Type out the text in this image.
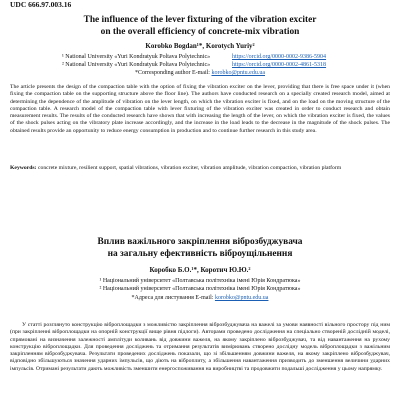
UDC 666.97.003.16
The influence of the lever fixturing of the vibration exciter
on the overall efficiency of concrete-mix vibration
Korobko Bogdan¹*, Korotych Yuriy²
¹ National University «Yuri Kondratyuk Poltava Polytechnic»	https://orcid.org/0000-0002-9386-5904
² National University «Yuri Kondratyuk Poltava Polytechnic»	https://orcid.org/0000-0002-4861-5318
*Corresponding author E-mail: korobko@pntu.edu.ua
The article presents the design of the compaction table with the option of fixing the vibration exciter on the lever, providing that there is free space under it (when fixing the compaction table on the supporting structure above the floor line). The authors have conducted research on a specially created research model, aimed at determining the dependence of the amplitude of vibration on the lever length, on which the vibration exciter is fixed, and on the load on the moving structure of the compaction table. A research model of the compaction table with lever fixturing of the vibration exciter was created in order to conduct research and obtain measurement results. The results of the conducted research have shown that with increasing the length of the lever, on which the vibration exciter is fixed, the values of the shock pulses acting on the vibratory plate increase accordingly, and the increase in the load leads to the decrease in the magnitude of the shock pulses. The obtained results provide an opportunity to reduce energy consumption in production and to continue further research in this study area.
Keywords: concrete mixture, resilient support, spatial vibrations, vibration exciter, vibration amplitude, vibration compaction, vibration platform
Вплив важільного закріплення віброзбуджувача
на загальну ефективність віброущільнення
Коробко Б.О.¹*, Коротич Ю.Ю.²
¹ Національний університет «Полтавська політехніка імені Юрія Кондратюка»
² Національний університет «Полтавська політехніка імені Юрія Кондратюка»
*Адреса для листування E-mail: korobko@pntu.edu.ua
У статті розглянуто конструкцію віброплощадки з можливістю закріплення віброзбуджувача на важелі за умови наявності вільного простору під ним (при закріпленні віброплощадки на опорній конструкції вище рівня підлоги). Авторами проведено дослідження на спеціально створеній дослідній моделі, спрямовані на визначення залежності амплітуди коливань від довжини важеля, на якому закріплено віброзбуджувач, та від навантаження на рухому конструкцію віброплощадки. Для проведення досліджень та отримання результатів вимірювань створено дослідну модель віброплощадки з важільним закріпленням віброзбуджувача. Результати проведених досліджень показали, що зі збільшенням довжини важеля, на якому закріплено віброзбуджувач, відповідно збільшуються значення ударних імпульсів, що діють на віброплиту, а збільшення навантаження призводить до зменшення величини ударних імпульсів. Отримані результати дають можливість зменшити енергоспоживання на виробництві та продовжити подальші дослідження у цьому напрямку.
